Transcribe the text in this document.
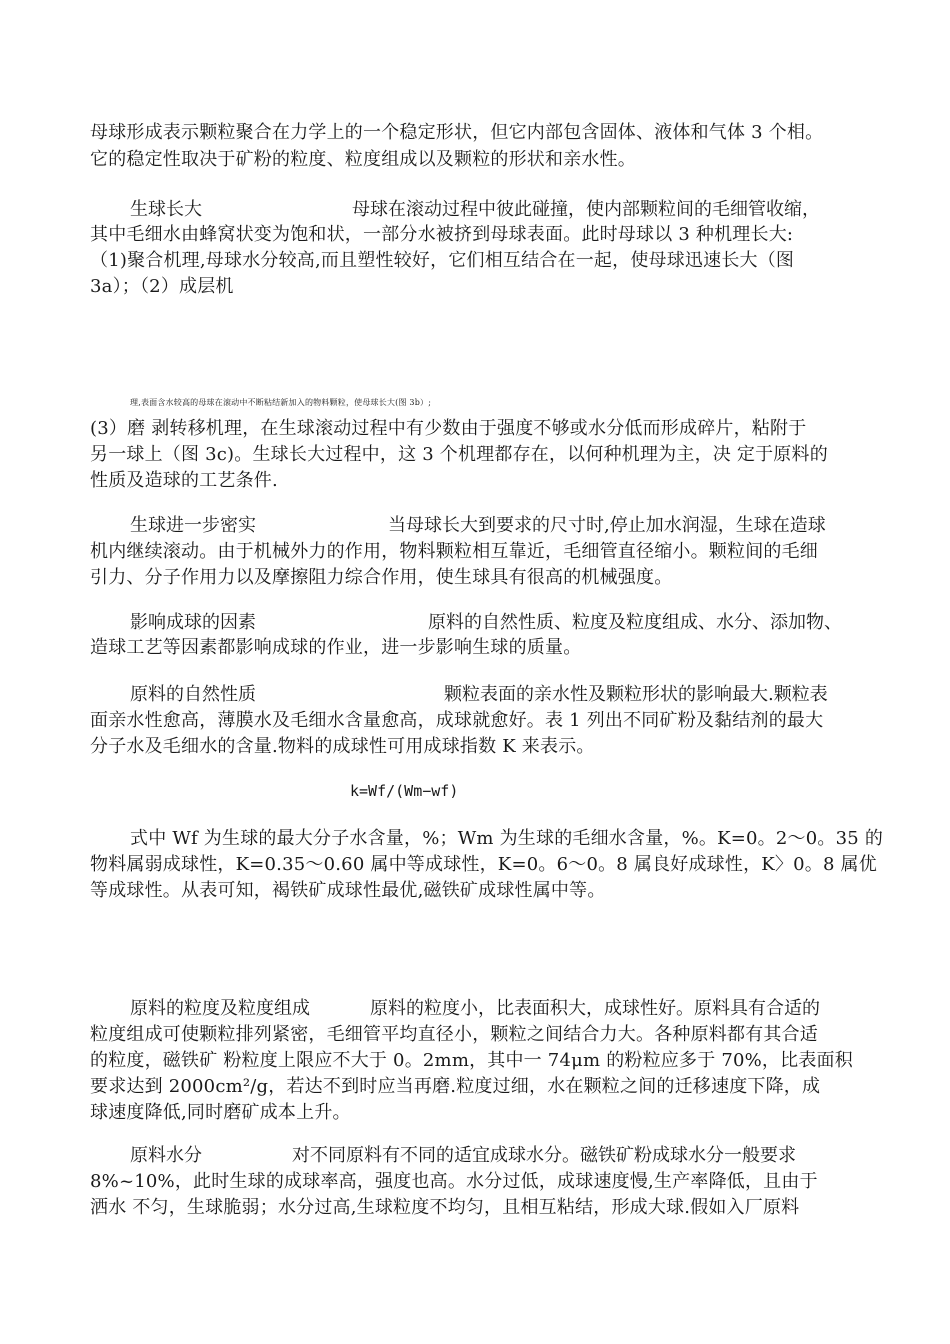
母球形成表示颗粒聚合在力学上的一个稳定形状，但它内部包含固体、液体和气体 3 个相。
它的稳定性取决于矿粉的粒度、粒度组成以及颗粒的形状和亲水性。
生球长大	母球在滚动过程中彼此碰撞，使内部颗粒间的毛细管收缩，
其中毛细水由蜂窝状变为饱和状，一部分水被挤到母球表面。此时母球以 3 种机理长大:
（1)聚合机理,母球水分较高,而且塑性较好，它们相互结合在一起，使母球迅速长大（图
3a）；（2）成层机
理,表面含水较高的母球在滚动中不断粘结新加入的物料颗粒，使母球长大(图 3b）;
(3）磨 剥转移机理，在生球滚动过程中有少数由于强度不够或水分低而形成碎片，粘附于
另一球上（图 3c)。生球长大过程中，这 3 个机理都存在，以何种机理为主，决 定于原料的
性质及造球的工艺条件.
生球进一步密实	当母球长大到要求的尺寸时,停止加水润湿，生球在造球
机内继续滚动。由于机械外力的作用，物料颗粒相互靠近，毛细管直径缩小。颗粒间的毛细
引力、分子作用力以及摩擦阻力综合作用，使生球具有很高的机械强度。
影响成球的因素	原料的自然性质、粒度及粒度组成、水分、添加物、
造球工艺等因素都影响成球的作业，进一步影响生球的质量。
原料的自然性质	颗粒表面的亲水性及颗粒形状的影响最大.颗粒表
面亲水性愈高，薄膜水及毛细水含量愈高，成球就愈好。表 1 列出不同矿粉及黏结剂的最大
分子水及毛细水的含量.物料的成球性可用成球指数 K 来表示。
k=Wf/(Wm−wf)
式中 Wf 为生球的最大分子水含量，%；Wm 为生球的毛细水含量，%。K=0。2～0。35 的
物料属弱成球性，K=0.35～0.60 属中等成球性，K=0。6～0。8 属良好成球性，K〉0。8 属优
等成球性。从表可知，褐铁矿成球性最优,磁铁矿成球性属中等。
原料的粒度及粒度组成	原料的粒度小，比表面积大，成球性好。原料具有合适的
粒度组成可使颗粒排列紧密，毛细管平均直径小，颗粒之间结合力大。各种原料都有其合适
的粒度，磁铁矿 粉粒度上限应不大于 0。2mm，其中一 74μm 的粉粒应多于 70%，比表面积
要求达到 2000cm²/g，若达不到时应当再磨.粒度过细，水在颗粒之间的迁移速度下降，成
球速度降低,同时磨矿成本上升。
原料水分	对不同原料有不同的适宜成球水分。磁铁矿粉成球水分一般要求
8%~10%，此时生球的成球率高，强度也高。水分过低，成球速度慢,生产率降低，且由于
洒水 不匀，生球脆弱；水分过高,生球粒度不均匀，且相互粘结，形成大球.假如入厂原料
